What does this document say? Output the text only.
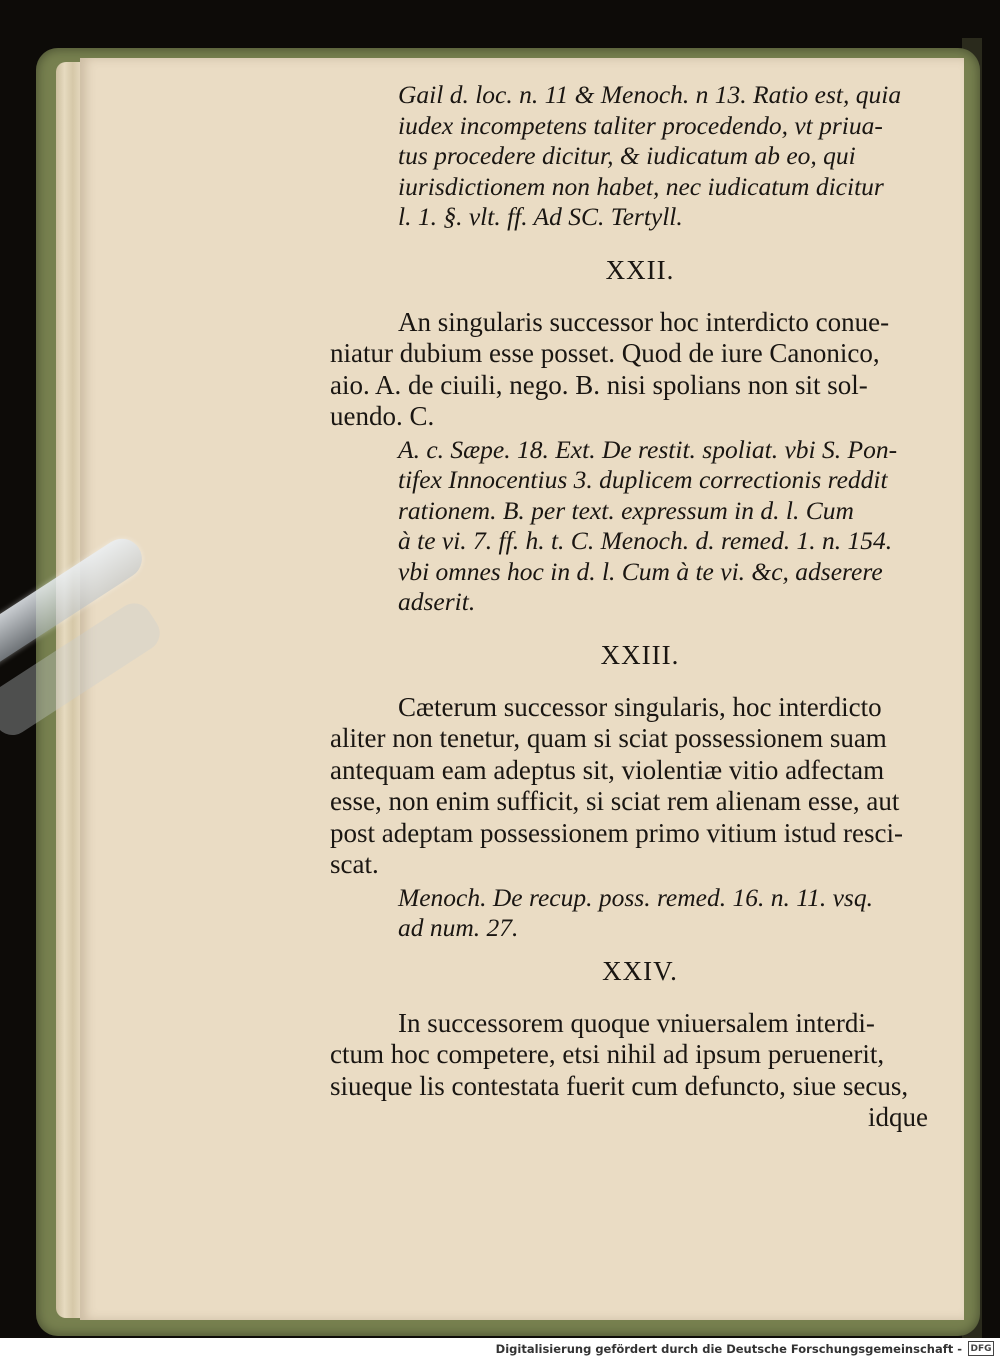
Gail d. loc. n. 11 & Menoch. n 13. Ratio est, quia

iudex incompetens taliter procedendo, vt priua-

tus procedere dicitur, & iudicatum ab eo, qui

iurisdictionem non habet, nec iudicatum dicitur

l. 1. §. vlt. ff. Ad SC. Tertyll.

XXII.

An singularis successor hoc interdicto conue-

niatur dubium esse posset. Quod de iure Canonico,

aio. A. de ciuili, nego. B. nisi spolians non sit sol-

uendo. C.

A. c. Sæpe. 18. Ext. De restit. spoliat. vbi S. Pon-

tifex Innocentius 3. duplicem correctionis reddit

rationem. B. per text. expressum in d. l. Cum

à te vi. 7. ff. h. t. C. Menoch. d. remed. 1. n. 154.

vbi omnes hoc in d. l. Cum à te vi. &c, adserere

adserit.

XXIII.

Cæterum successor singularis, hoc interdicto

aliter non tenetur, quam si sciat possessionem suam

antequam eam adeptus sit, violentiæ vitio adfectam

esse, non enim sufficit, si sciat rem alienam esse, aut

post adeptam possessionem primo vitium istud resci-

scat.

Menoch. De recup. poss. remed. 16. n. 11. vsq.

ad num. 27.

XXIV.

In successorem quoque vniuersalem interdi-

ctum hoc competere, etsi nihil ad ipsum peruenerit,

siueque lis contestata fuerit cum defuncto, siue secus,

idque

Digitalisierung gefördert durch die Deutsche Forschungsgemeinschaft - DFG
